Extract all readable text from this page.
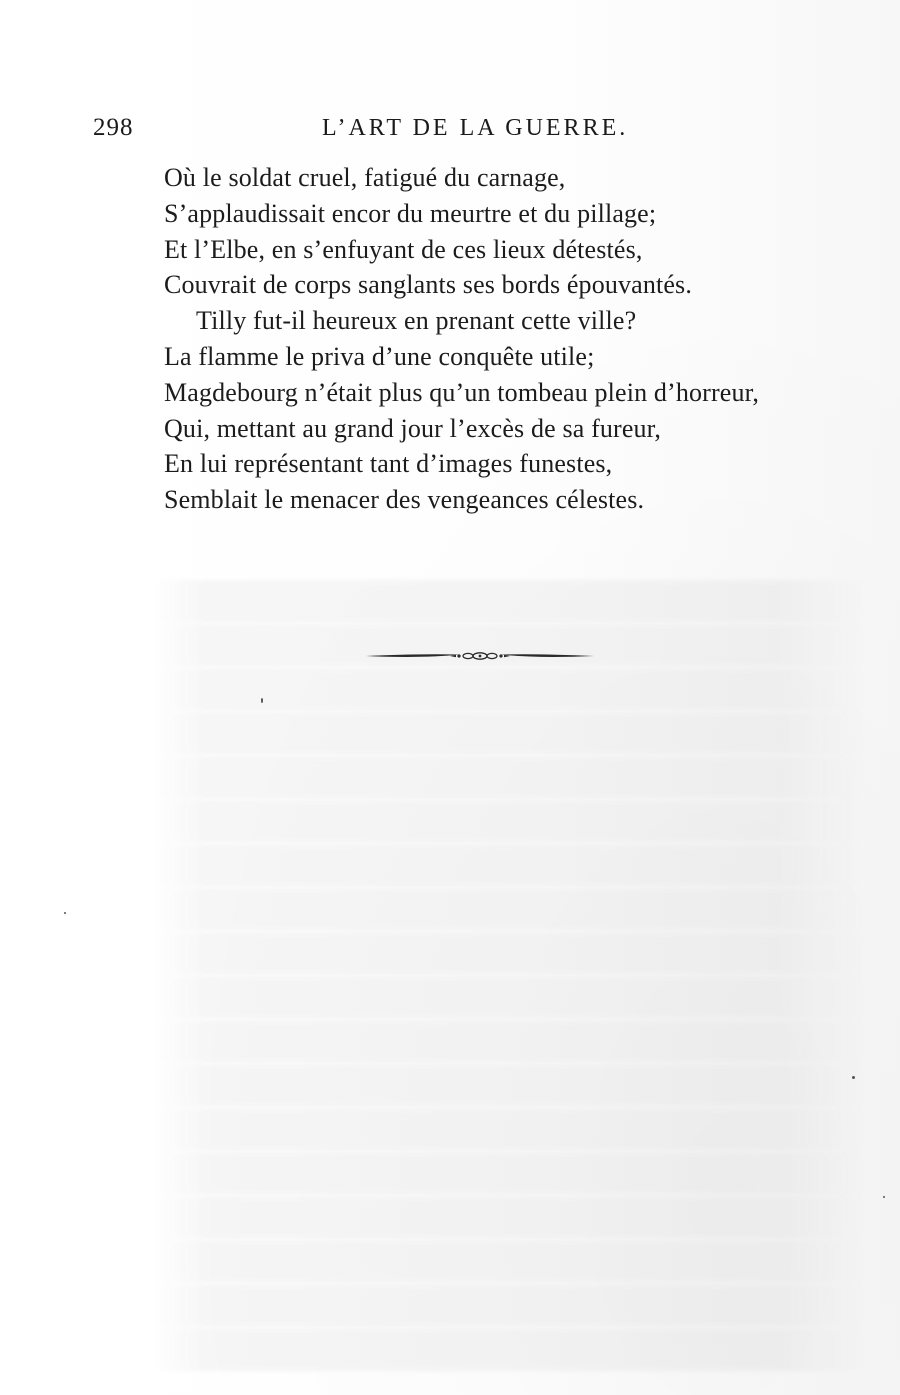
298	L’ART DE LA GUERRE.
Où le soldat cruel, fatigué du carnage,
S’applaudissait encor du meurtre et du pillage;
Et l’Elbe, en s’enfuyant de ces lieux détestés,
Couvrait de corps sanglants ses bords épouvantés.
Tilly fut-il heureux en prenant cette ville?
La flamme le priva d’une conquête utile;
Magdebourg n’était plus qu’un tombeau plein d’horreur,
Qui, mettant au grand jour l’excès de sa fureur,
En lui représentant tant d’images funestes,
Semblait le menacer des vengeances célestes.
